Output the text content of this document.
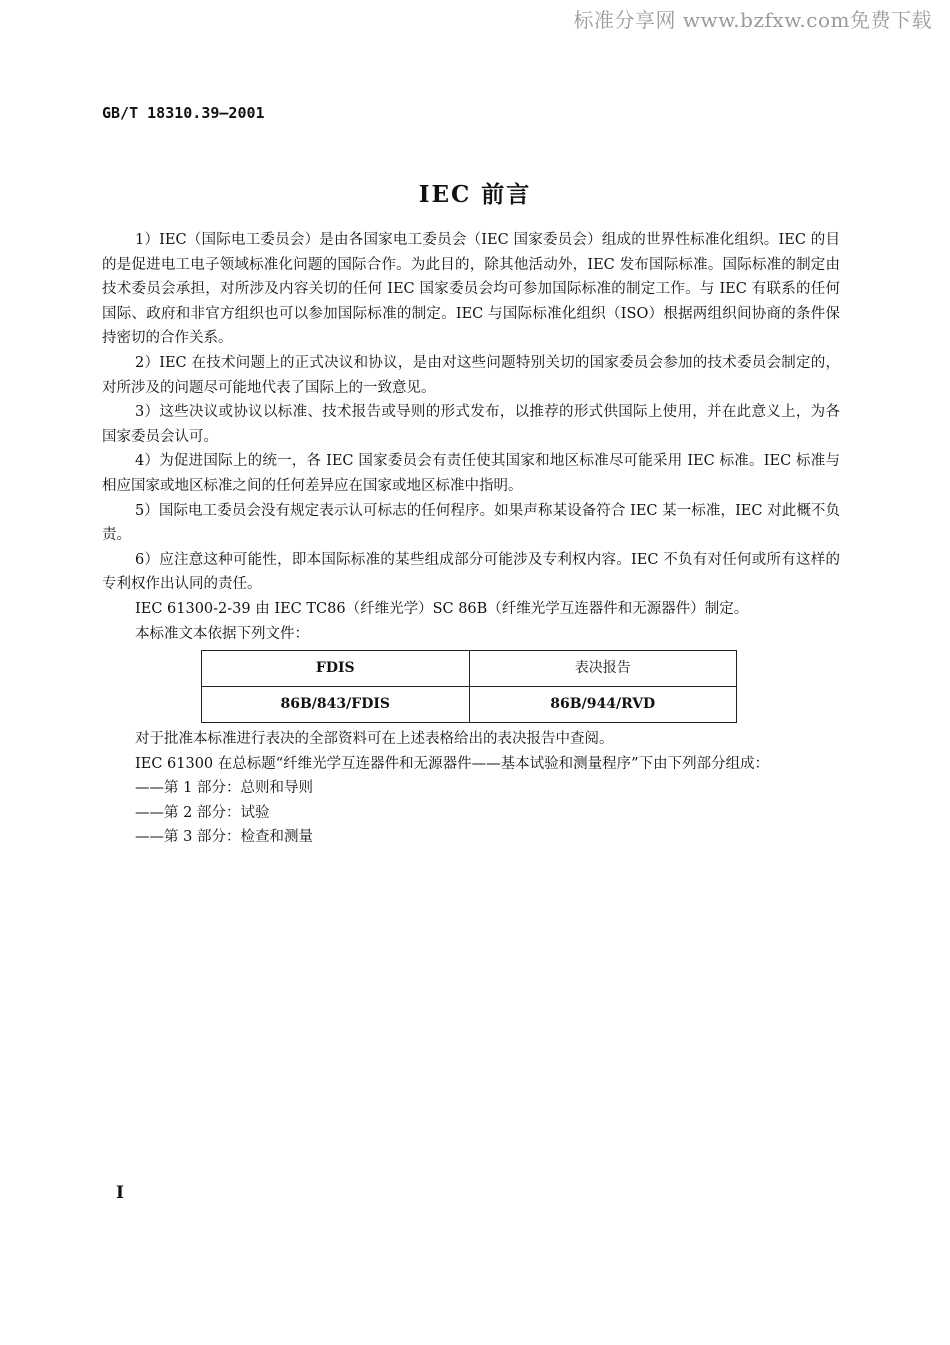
标准分享网 www.bzfxw.com免费下载
GB/T 18310.39—2001
IEC 前言

1）IEC（国际电工委员会）是由各国家电工委员会（IEC 国家委员会）组成的世界性标准化组织。IEC 的目的是促进电工电子领域标准化问题的国际合作。为此目的，除其他活动外，IEC 发布国际标准。国际标准的制定由技术委员会承担，对所涉及内容关切的任何 IEC 国家委员会均可参加国际标准的制定工作。与 IEC 有联系的任何国际、政府和非官方组织也可以参加国际标准的制定。IEC 与国际标准化组织（ISO）根据两组织间协商的条件保持密切的合作关系。

2）IEC 在技术问题上的正式决议和协议，是由对这些问题特别关切的国家委员会参加的技术委员会制定的，对所涉及的问题尽可能地代表了国际上的一致意见。

3）这些决议或协议以标准、技术报告或导则的形式发布，以推荐的形式供国际上使用，并在此意义上，为各国家委员会认可。

4）为促进国际上的统一，各 IEC 国家委员会有责任使其国家和地区标准尽可能采用 IEC 标准。IEC 标准与相应国家或地区标准之间的任何差异应在国家或地区标准中指明。

5）国际电工委员会没有规定表示认可标志的任何程序。如果声称某设备符合 IEC 某一标准，IEC 对此概不负责。

6）应注意这种可能性，即本国际标准的某些组成部分可能涉及专利权内容。IEC 不负有对任何或所有这样的专利权作出认同的责任。

IEC 61300-2-39 由 IEC TC86（纤维光学）SC 86B（纤维光学互连器件和无源器件）制定。

本标准文本依据下列文件：

FDIS	表决报告
86B/843/FDIS	86B/944/RVD

对于批准本标准进行表决的全部资料可在上述表格给出的表决报告中查阅。

IEC 61300 在总标题“纤维光学互连器件和无源器件——基本试验和测量程序”下由下列部分组成：

——第 1 部分：总则和导则

——第 2 部分：试验

——第 3 部分：检查和测量

I
